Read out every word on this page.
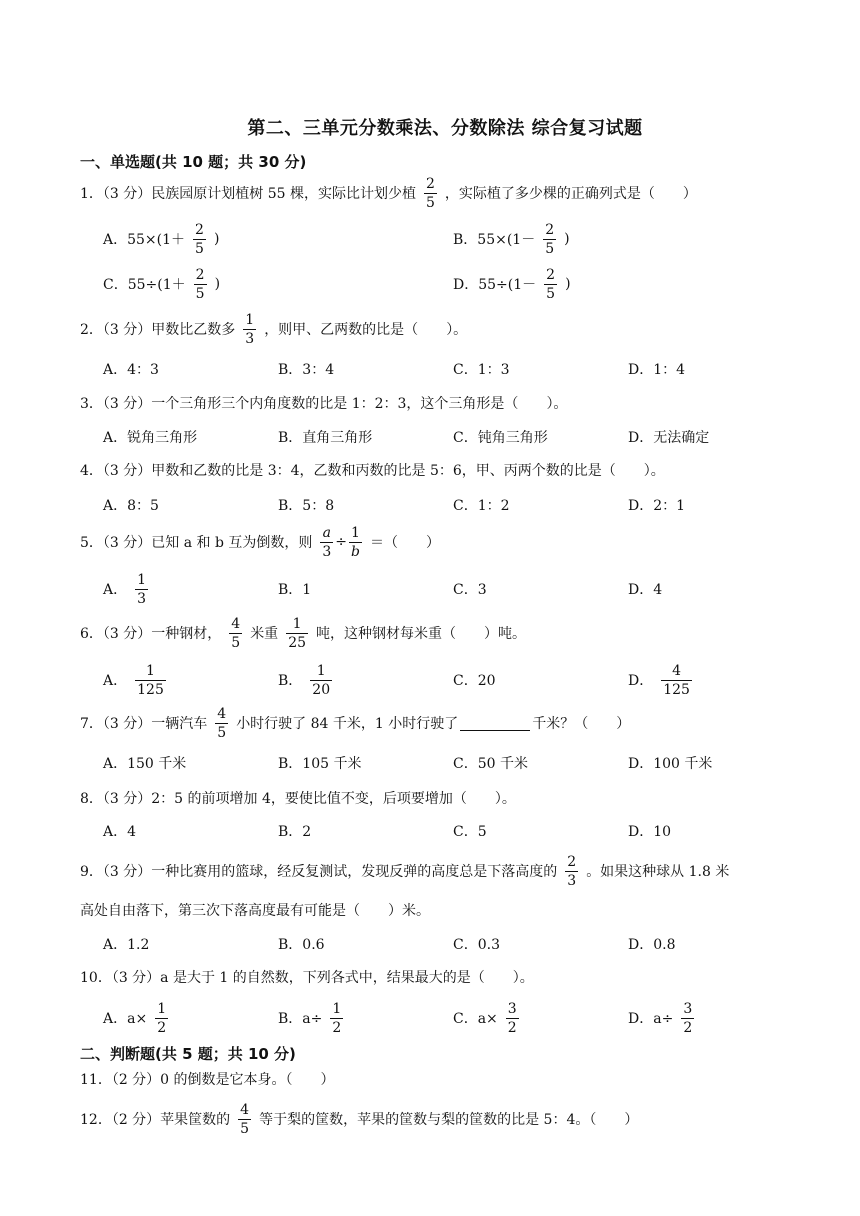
第二、三单元分数乘法、分数除法 综合复习试题
一、单选题(共 10 题；共 30 分)
1．（3 分）民族园原计划植树 55 棵，实际比计划少植 $\frac{2}{5}$ ，实际植了多少棵的正确列式是（ ）
A．$55\times(1+ \frac{2}{5}$ )	B．$55\times(1- \frac{2}{5}$ )
C．$55\div(1+ \frac{2}{5}$ )	D．$55\div(1- \frac{2}{5}$ )
2．（3 分）甲数比乙数多 $\frac{1}{3}$ ，则甲、乙两数的比是（ ）。
A．4：3	B．3：4	C．1：3	D．1：4
3．（3 分）一个三角形三个内角度数的比是 1：2：3，这个三角形是（ ）。
A．锐角三角形	B．直角三角形	C．钝角三角形	D．无法确定
4．（3 分）甲数和乙数的比是 3：4，乙数和丙数的比是 5：6，甲、丙两个数的比是（ ）。
A．8：5	B．5：8	C．1：2	D．2：1
5．（3 分）已知 a 和 b 互为倒数，则 $\frac{a}{3} \div \frac{1}{b}$ ＝（ ）
A． $\frac{1}{3}$	B．1	C．3	D．4
6．（3 分）一种钢材， $\frac{4}{5}$ 米重 $\frac{1}{25}$ 吨，这种钢材每米重（ ）吨。
A． $\frac{1}{125}$	B． $\frac{1}{20}$	C．20	D． $\frac{4}{125}$
7．（3 分）一辆汽车 $\frac{4}{5}$ 小时行驶了 84 千米，1 小时行驶了	千米？（ ）
A．150 千米	B．105 千米	C．50 千米	D．100 千米
8．（3 分）2：5 的前项增加 4，要使比值不变，后项要增加（ ）。
A．4	B．2	C．5	D．10
9．（3 分）一种比赛用的篮球，经反复测试，发现反弹的高度总是下落高度的 $\frac{2}{3}$ 。如果这种球从 1.8 米
高处自由落下，第三次下落高度最有可能是（ ）米。
A．1.2	B．0.6	C．0.3	D．0.8
10．（3 分）a 是大于 1 的自然数，下列各式中，结果最大的是（ ）。
A．$a\times \frac{1}{2}$	B．$a\div \frac{1}{2}$	C．$a\times \frac{3}{2}$	D．$a\div \frac{3}{2}$
二、判断题(共 5 题；共 10 分)
11．（2 分）0 的倒数是它本身。（ ）
12．（2 分）苹果筐数的 $\frac{4}{5}$ 等于梨的筐数，苹果的筐数与梨的筐数的比是 5：4。（ ）
